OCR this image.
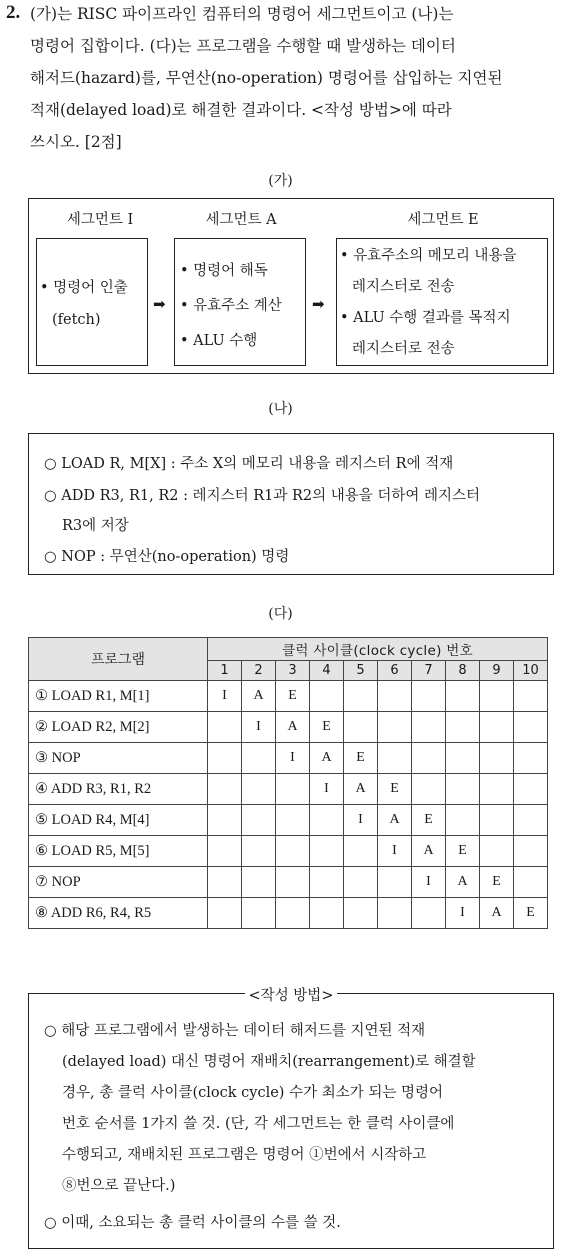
2. (가)는 RISC 파이프라인 컴퓨터의 명령어 세그먼트이고 (나)는
명령어 집합이다. (다)는 프로그램을 수행할 때 발생하는 데이터
해저드(hazard)를, 무연산(no-operation) 명령어를 삽입하는 지연된
적재(delayed load)로 해결한 결과이다. <작성 방법>에 따라
쓰시오. [2점]
(가)
세그먼트 I	세그먼트 A	세그먼트 E
• 명령어 인출
(fetch)
➡
• 명령어 해독
• 유효주소 계산
• ALU 수행
➡
• 유효주소의 메모리 내용을
레지스터로 전송
• ALU 수행 결과를 목적지
레지스터로 전송
(나)
○ LOAD R, M[X] : 주소 X의 메모리 내용을 레지스터 R에 적재
○ ADD R3, R1, R2 : 레지스터 R1과 R2의 내용을 더하여 레지스터
R3에 저장
○ NOP : 무연산(no-operation) 명령
(다)
프로그램	클럭 사이클(clock cycle) 번호									
	1	2	3	4	5	6	7	8	9	10
① LOAD R1, M[1]	I	A	E							
② LOAD R2, M[2]		I	A	E						
③ NOP			I	A	E					
④ ADD R3, R1, R2				I	A	E				
⑤ LOAD R4, M[4]					I	A	E			
⑥ LOAD R5, M[5]						I	A	E		
⑦ NOP							I	A	E	
⑧ ADD R6, R4, R5								I	A	E
<작성 방법>
○ 해당 프로그램에서 발생하는 데이터 해저드를 지연된 적재
(delayed load) 대신 명령어 재배치(rearrangement)로 해결할
경우, 총 클럭 사이클(clock cycle) 수가 최소가 되는 명령어
번호 순서를 1가지 쓸 것. (단, 각 세그먼트는 한 클럭 사이클에
수행되고, 재배치된 프로그램은 명령어 ①번에서 시작하고
⑧번으로 끝난다.)
○ 이때, 소요되는 총 클럭 사이클의 수를 쓸 것.
